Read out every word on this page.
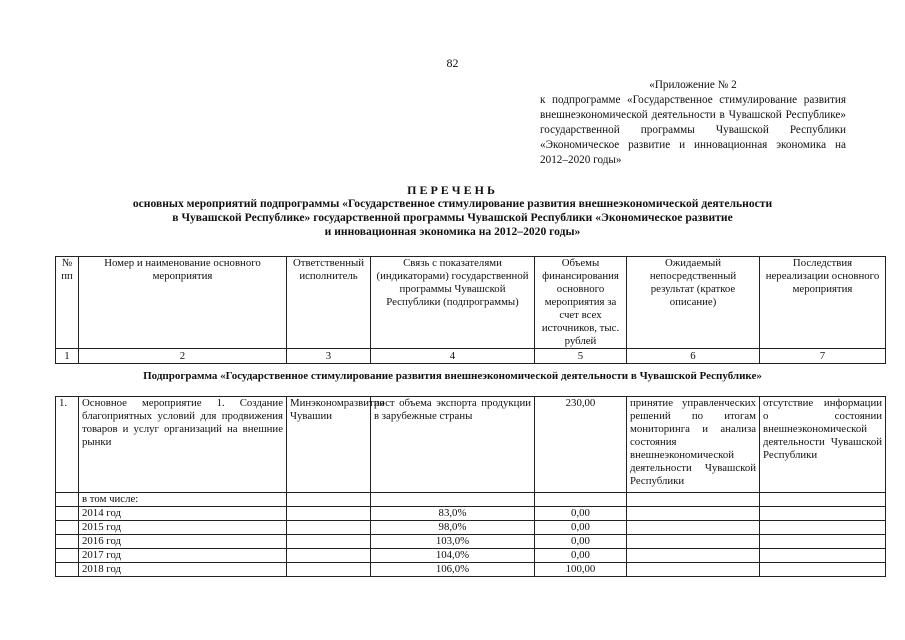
82
«Приложение № 2
к подпрограмме «Государственное стимулирование развития внешнеэкономической деятельности в Чувашской Республике» государственной программы Чувашской Республики «Экономическое развитие и инновационная экономика на 2012–2020 годы»
ПЕРЕЧЕНЬ
основных мероприятий подпрограммы «Государственное стимулирование развития внешнеэкономической деятельности
в Чувашской Республике» государственной программы Чувашской Республики «Экономическое развитие
и инновационная экономика на 2012–2020 годы»
№ пп	Номер и наименование основного мероприятия	Ответственный исполнитель	Связь с показателями (индикаторами) государственной программы Чувашской Республики (подпрограммы)	Объемы финансирования основного мероприятия за счет всех источников, тыс. рублей	Ожидаемый непосредственный результат (краткое описание)	Последствия нереализации основного мероприятия
1	2	3	4	5	6	7
Подпрограмма «Государственное стимулирование развития внешнеэкономической деятельности в Чувашской Республике»
1.	Основное мероприятие 1. Создание благоприятных условий для продвижения товаров и услуг организаций на внешние рынки	Минэкономразвития Чувашии	рост объема экспорта продукции в зарубежные страны	230,00	принятие управленческих решений по итогам мониторинга и анализа состояния внешнеэкономической деятельности Чувашской Республики	отсутствие информации о состоянии внешнеэкономической деятельности Чувашской Республики
	в том числе:					
	2014 год		83,0%	0,00		
	2015 год		98,0%	0,00		
	2016 год		103,0%	0,00		
	2017 год		104,0%	0,00		
	2018 год		106,0%	100,00		
